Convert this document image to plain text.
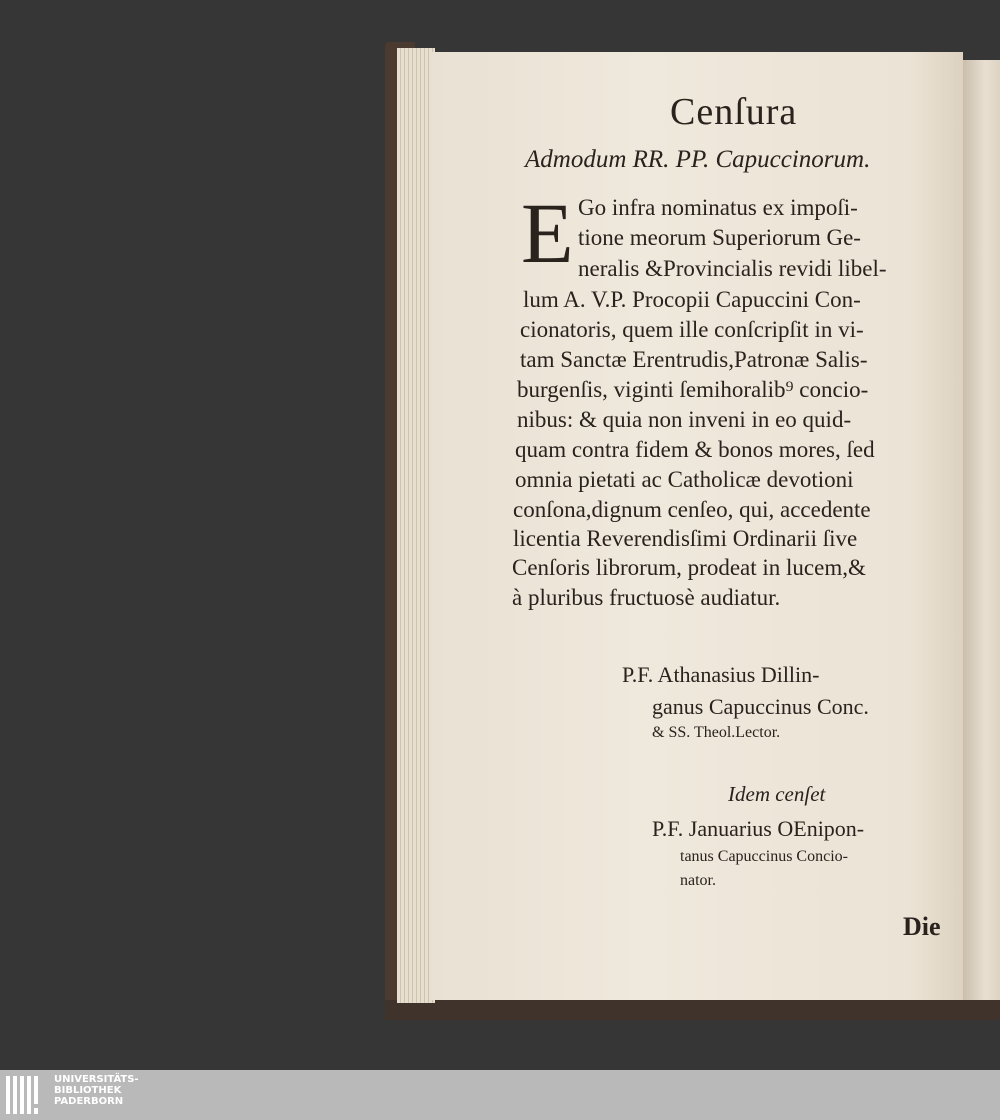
Cenſura
Admodum RR. PP. Capuccinorum.
E Go infra nominatus ex impoſi-
tione meorum Superiorum Ge-
neralis &Provincialis revidi libel-
lum A. V.P. Procopii Capuccini Con-
cionatoris, quem ille conſcripſit in vi-
tam Sanctæ Erentrudis,Patronæ Salis-
burgenſis, viginti ſemihoralib⁹ concio-
nibus: & quia non inveni in eo quid-
quam contra fidem & bonos mores, ſed
omnia pietati ac Catholicæ devotioni
conſona,dignum cenſeo, qui, accedente
licentia Reverendisſimi Ordinarii ſive
Cenſoris librorum, prodeat in lucem,&
à pluribus fructuosè audiatur.
P.F. Athanasius Dillin-
ganus Capuccinus Conc.
& SS. Theol.Lector.
Idem cenſet
P.F. Januarius OEnipon-
tanus Capuccinus Concio-
nator.
Die
UNIVERSITÄTS-
BIBLIOTHEK
PADERBORN
